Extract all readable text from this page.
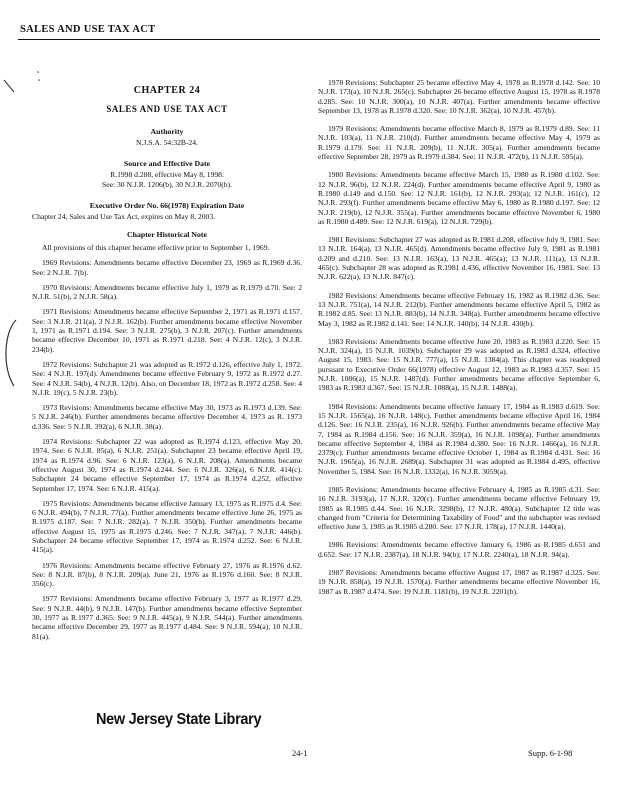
SALES AND USE TAX ACT
CHAPTER 24
SALES AND USE TAX ACT
Authority
N.J.S.A. 54:32B-24.
Source and Effective Date
R.1998 d.288, effective May 8, 1998.
See: 30 N.J.R. 1206(b), 30 N.J.R. 2070(b).
Executive Order No. 66(1978) Expiration Date
Chapter 24, Sales and Use Tax Act, expires on May 8, 2003.
Chapter Historical Note

All provisions of this chapter became effective prior to September 1, 1969.

1969 Revisions: Amendments became effective December 23, 1969 as R.1969 d.36. See: 2 N.J.R. 7(b).

1970 Revisions: Amendments became effective July 1, 1979 as R.1979 d.70. See: 2 N.J.R. 51(b), 2 N.J.R. 58(a).

1971 Revisions: Amendments became effective September 2, 1971 as R.1971 d.157. See: 3 N.J.R. 211(a), 3 N.J.R. 162(b). Further amendments became effective November 1, 1971 as R.1971 d.194. See: 3 N.J.R. 275(b), 3 N.J.R. 207(c). Further amendments became effective December 10, 1971 as R.1971 d.218. See: 4 N.J.R. 12(c), 3 N.J.R. 234(b).

1972 Revisions: Subchapter 21 was adopted as R.1972 d.126, effective July 1, 1972. See: 4 N.J.R. 197(d). Amendments became effective February 9, 1972 as R.1972 d.27. See: 4 N.J.R. 54(b), 4 N.J.R. 12(b). Also, on December 18, 1972 as R.1972 d.258. See: 4 N.J.R. 19(c), 5 N.J.R. 23(b).

1973 Revisions: Amendments became effective May 30, 1973 as R.1973 d.139. See: 5 N.J.R. 246(b). Further amendments became effective December 4, 1973 as R. 1973 d.336. See: 5 N.J.R. 392(a), 6 N.J.R. 38(a).

1974 Revisions: Subchapter 22 was adopted as R.1974 d.123, effective May 20, 1974. See: 6 N.J.R. 85(a), 6 N.J.R. 251(a). Subchapter 23 became effective April 19, 1974 as R.1974 d.96. See: 6 N.J.R. 123(a), 6 N.J.R. 208(a). Amendments became effective August 30, 1974 as R.1974 d.244. See: 6 N.J.R. 326(a), 6 N.J.R. 414(c). Subchapter 24 became effective September 17, 1974 as R.1974 d.252, effective September 17, 1974. See: 6 N.J.R. 415(a).

1975 Revisions: Amendments became effective January 13, 1975 as R.1975 d.4. See: 6 N.J.R. 494(b), 7 N.J.R. 77(a). Further amendments became effective June 26, 1975 as R.1975 d.187. See: 7 N.J.R. 282(a), 7 N.J.R. 350(b). Further amendments became effective August 15, 1975 as R.1975 d.246. See: 7 N.J.R. 347(a), 7 N.J.R. 446(b). Subchapter 24 became effective September 17, 1974 as R.1974 d.252. See: 6 N.J.R. 415(a).

1976 Revisions: Amendments became effective February 27, 1976 as R.1976 d.62. See: 8 N.J.R. 87(b), 8 N.J.R. 209(a). June 21, 1976 as R.1976 d.160. See: 8 N.J.R. 356(c).

1977 Revisions: Amendments became effective February 3, 1977 as R.1977 d.29. See: 9 N.J.R. 44(b), 9 N.J.R. 147(b). Further amendments became effective September 30, 1977 as R.1977 d.365. See: 9 N.J.R. 445(a), 9 N.J.R. 544(a). Further amendments became effective December 29, 1977 as R.1977 d.484. See: 9 N.J.R. 594(a), 10 N.J.R. 81(a).

1978 Revisions: Subchapter 25 became effective May 4, 1978 as R.1978 d.142. See: 10 N.J.R. 173(a), 10 N.J.R. 265(c). Subchapter 26 became effective August 15, 1978 as R.1978 d.285. See: 10 N.J.R. 300(a), 10 N.J.R. 407(a). Further amendments became effective September 13, 1978 as R.1978 d.320. See: 10 N.J.R. 362(a), 10 N.J.R. 457(b).

1979 Revisions: Amendments became effective March 8, 1979 as R.1979 d.89. See: 11 N.J.R. 103(a), 11 N.J.R. 210(d). Further amendments became effective May 4, 1979 as R.1979 d.179. See: 11 N.J.R. 209(b), 11 N.J.R. 305(a). Further amendments became effective September 28, 1979 as R.1979 d.384. See: 11 N.J.R. 472(b), 11 N.J.R. 595(a).

1980 Revisions: Amendments became effective March 15, 1980 as R.1980 d.102. See: 12 N.J.R. 96(b), 12 N.J.R. 224(d). Further amendments became effective April 9, 1980 as R.1980 d.149 and d.150. See: 12 N.J.R. 161(b), 12 N.J.R. 293(a); 12 N.J.R. 161(c), 12 N.J.R. 293(f). Further amendments became effective May 6, 1980 as R.1980 d.197. See: 12 N.J.R. 219(b), 12 N.J.R. 355(a). Further amendments became effective November 6, 1980 as R.1980 d.489. See: 12 N.J.R. 619(a), 12 N.J.R. 729(b).

1981 Revisions: Subchapter 27 was adopted as R.1981 d.208, effective July 9, 1981. See: 13 N.J.R. 164(a), 13 N.J.R. 465(d). Amendments became effective July 9, 1981 as R.1981 d.209 and d.210. See: 13 N.J.R. 163(a), 13 N.J.R. 465(a); 13 N.J.R. 111(a), 13 N.J.R. 465(c). Subchapter 28 was adopted as R.1981 d.436, effective November 16, 1981. See: 13 N.J.R. 622(a), 13 N.J.R. 847(c).

1982 Revisions: Amendments became effective February 16, 1982 as R.1982 d.36. See: 13 N.J.R. 751(a), 14 N.J.R. 212(b). Further amendments became effective April 5, 1982 as R.1982 d.85. See: 13 N.J.R. 883(b), 14 N.J.R. 348(a). Further amendments became effective May 3, 1982 as R.1982 d.141. See: 14 N.J.R. 140(b), 14 N.J.R. 430(b).

1983 Revisions: Amendments became effective June 20, 1983 as R.1983 d.220. See: 15 N.J.R. 324(a), 15 N.J.R. 1039(b). Subchapter 29 was adopted as R.1983 d.324, effective August 15, 1983. See: 15 N.J.R. 777(a), 15 N.J.R. 1384(a). This chapter was readopted pursuant to Executive Order 66(1978) effective August 12, 1983 as R.1983 d.357. See: 15 N.J.R. 1086(a), 15 N.J.R. 1487(d). Further amendments became effective September 6, 1983 as R.1983 d.367. See: 15 N.J.R. 1088(a), 15 N.J.R. 1488(a).

1984 Revisions: Amendments became effective January 17, 1984 as R.1983 d.619. See: 15 N.J.R. 1565(a), 16 N.J.R. 148(c). Further amendments became effective April 16, 1984 d.126. See: 16 N.J.R. 235(a), 16 N.J.R. 926(b). Further amendments became effective May 7, 1984 as R.1984 d.156. See: 16 N.J.R. 359(a), 16 N.J.R. 1098(a). Further amendments became effective September 4, 1984 as R.1984 d.380. See: 16 N.J.R. 1466(a), 16 N.J.R. 2379(c). Further amendments became effective October 1, 1984 as R.1984 d.431. See: 16 N.J.R. 1965(a), 16 N.J.R. 2689(a). Subchapter 31 was adopted as R.1984 d.495, effective November 5, 1984. See: 16 N.J.R. 1332(a), 16 N.J.R. 3059(a).

1985 Revisions: Amendments became effective February 4, 1985 as R.1985 d.31. See: 16 N.J.R. 3193(a), 17 N.J.R. 320(c). Further amendments became effective February 19, 1985 as R.1985 d.44. See: 16 N.J.R. 3298(b), 17 N.J.R. 480(a). Subchapter 12 title was changed from "Criteria for Determining Taxability of Food" and the subchapter was revised effective June 3, 1985 as R.1985 d.280. See: 17 N.J.R. 178(a), 17 N.J.R. 1440(a).

1986 Revisions: Amendments became effective January 6, 1986 as R.1985 d.651 and d.652. See: 17 N.J.R. 2387(a), 18 N.J.R. 94(b); 17 N.J.R. 2240(a), 18 N.J.R. 94(a).

1987 Revisions: Amendments became effective August 17, 1987 as R.1987 d.325. See: 19 N.J.R. 858(a), 19 N.J.R. 1570(a). Further amendments became effective November 16, 1987 as R.1987 d.474. See: 19 N.J.R. 1181(b), 19 N.J.R. 2201(b).

New Jersey State Library
24-1	Supp. 6-1-98
